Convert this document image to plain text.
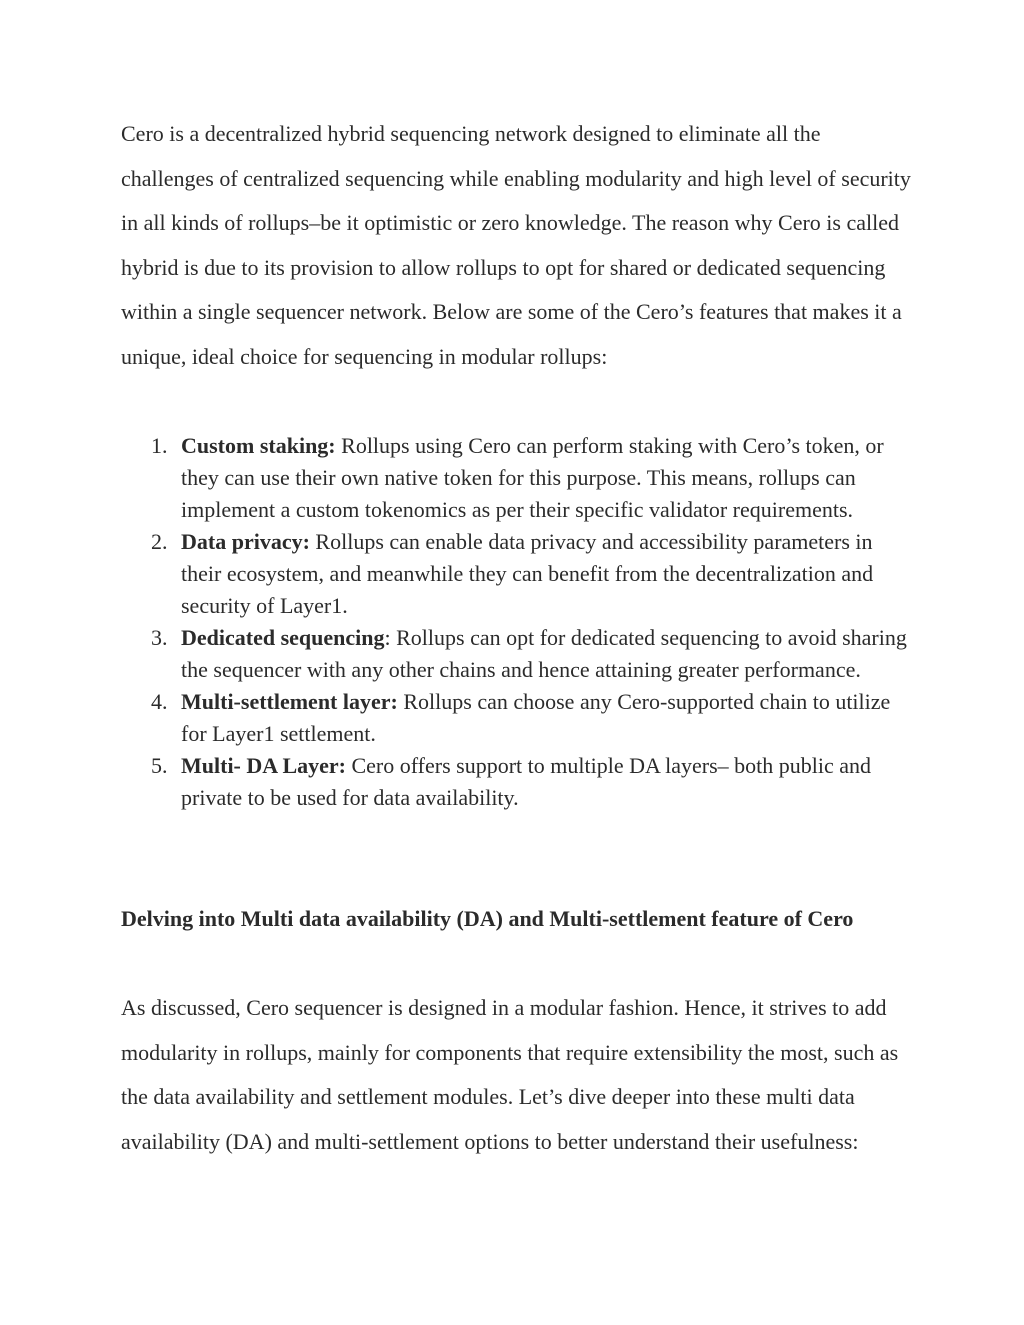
Cero is a decentralized hybrid sequencing network designed to eliminate all the challenges of centralized sequencing while enabling modularity and high level of security in all kinds of rollups–be it optimistic or zero knowledge. The reason why Cero is called hybrid is due to its provision to allow rollups to opt for shared or dedicated sequencing within a single sequencer network. Below are some of the Cero’s features that makes it a unique, ideal choice for sequencing in modular rollups:

1. Custom staking: Rollups using Cero can perform staking with Cero’s token, or they can use their own native token for this purpose. This means, rollups can implement a custom tokenomics as per their specific validator requirements.
2. Data privacy: Rollups can enable data privacy and accessibility parameters in their ecosystem, and meanwhile they can benefit from the decentralization and security of Layer1.
3. Dedicated sequencing: Rollups can opt for dedicated sequencing to avoid sharing the sequencer with any other chains and hence attaining greater performance.
4. Multi-settlement layer: Rollups can choose any Cero-supported chain to utilize for Layer1 settlement.
5. Multi- DA Layer: Cero offers support to multiple DA layers– both public and private to be used for data availability.
Delving into Multi data availability (DA) and Multi-settlement feature of Cero

As discussed, Cero sequencer is designed in a modular fashion. Hence, it strives to add modularity in rollups, mainly for components that require extensibility the most, such as the data availability and settlement modules. Let’s dive deeper into these multi data availability (DA) and multi-settlement options to better understand their usefulness:
